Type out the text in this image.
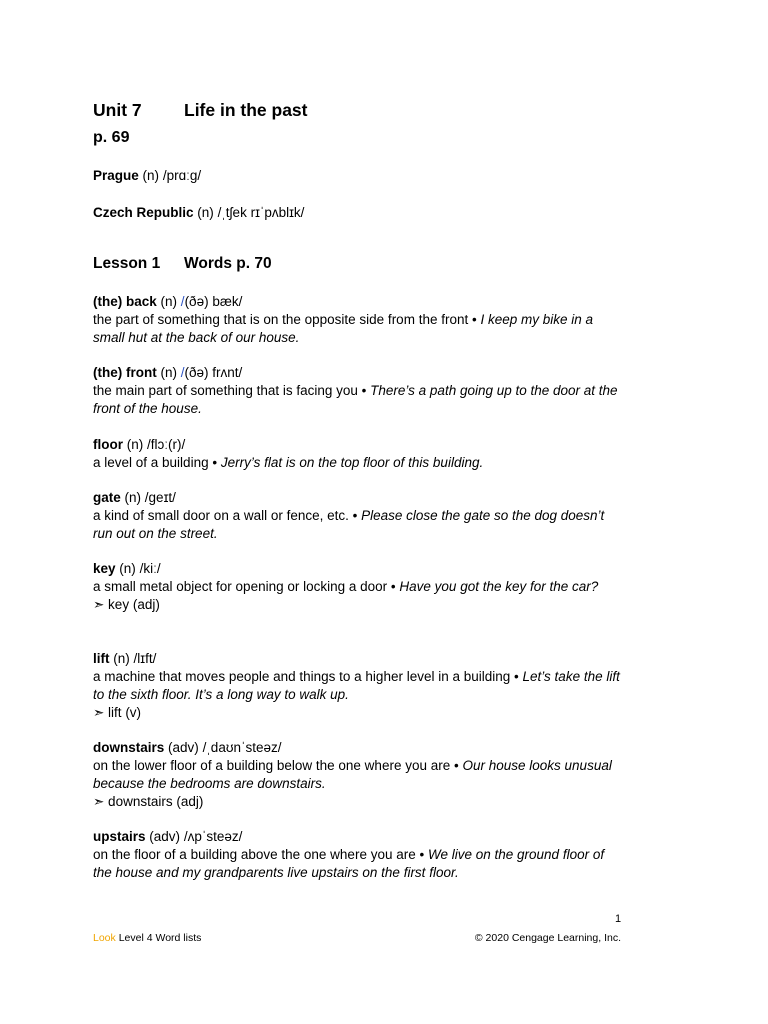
Unit 7 Life in the past
p. 69
Prague (n) /prɑːɡ/
Czech Republic (n) /ˌtʃek rɪˈpʌblɪk/
Lesson 1 Words p. 70
(the) back (n) /(ðə) bæk/
the part of something that is on the opposite side from the front • I keep my bike in a small hut at the back of our house.
(the) front (n) /(ðə) frʌnt/
the main part of something that is facing you • There’s a path going up to the door at the front of the house.
floor (n) /flɔː(r)/
a level of a building • Jerry’s flat is on the top floor of this building.
gate (n) /ɡeɪt/
a kind of small door on a wall or fence, etc. • Please close the gate so the dog doesn’t run out on the street.
key (n) /kiː/
a small metal object for opening or locking a door • Have you got the key for the car?
➣ key (adj)
lift (n) /lɪft/
a machine that moves people and things to a higher level in a building • Let’s take the lift to the sixth floor. It’s a long way to walk up.
➣ lift (v)
downstairs (adv) /ˌdaʊnˈsteəz/
on the lower floor of a building below the one where you are • Our house looks unusual because the bedrooms are downstairs.
➣ downstairs (adj)
upstairs (adv) /ʌpˈsteəz/
on the floor of a building above the one where you are • We live on the ground floor of the house and my grandparents live upstairs on the first floor.
1
Look Level 4 Word lists	© 2020 Cengage Learning, Inc.
